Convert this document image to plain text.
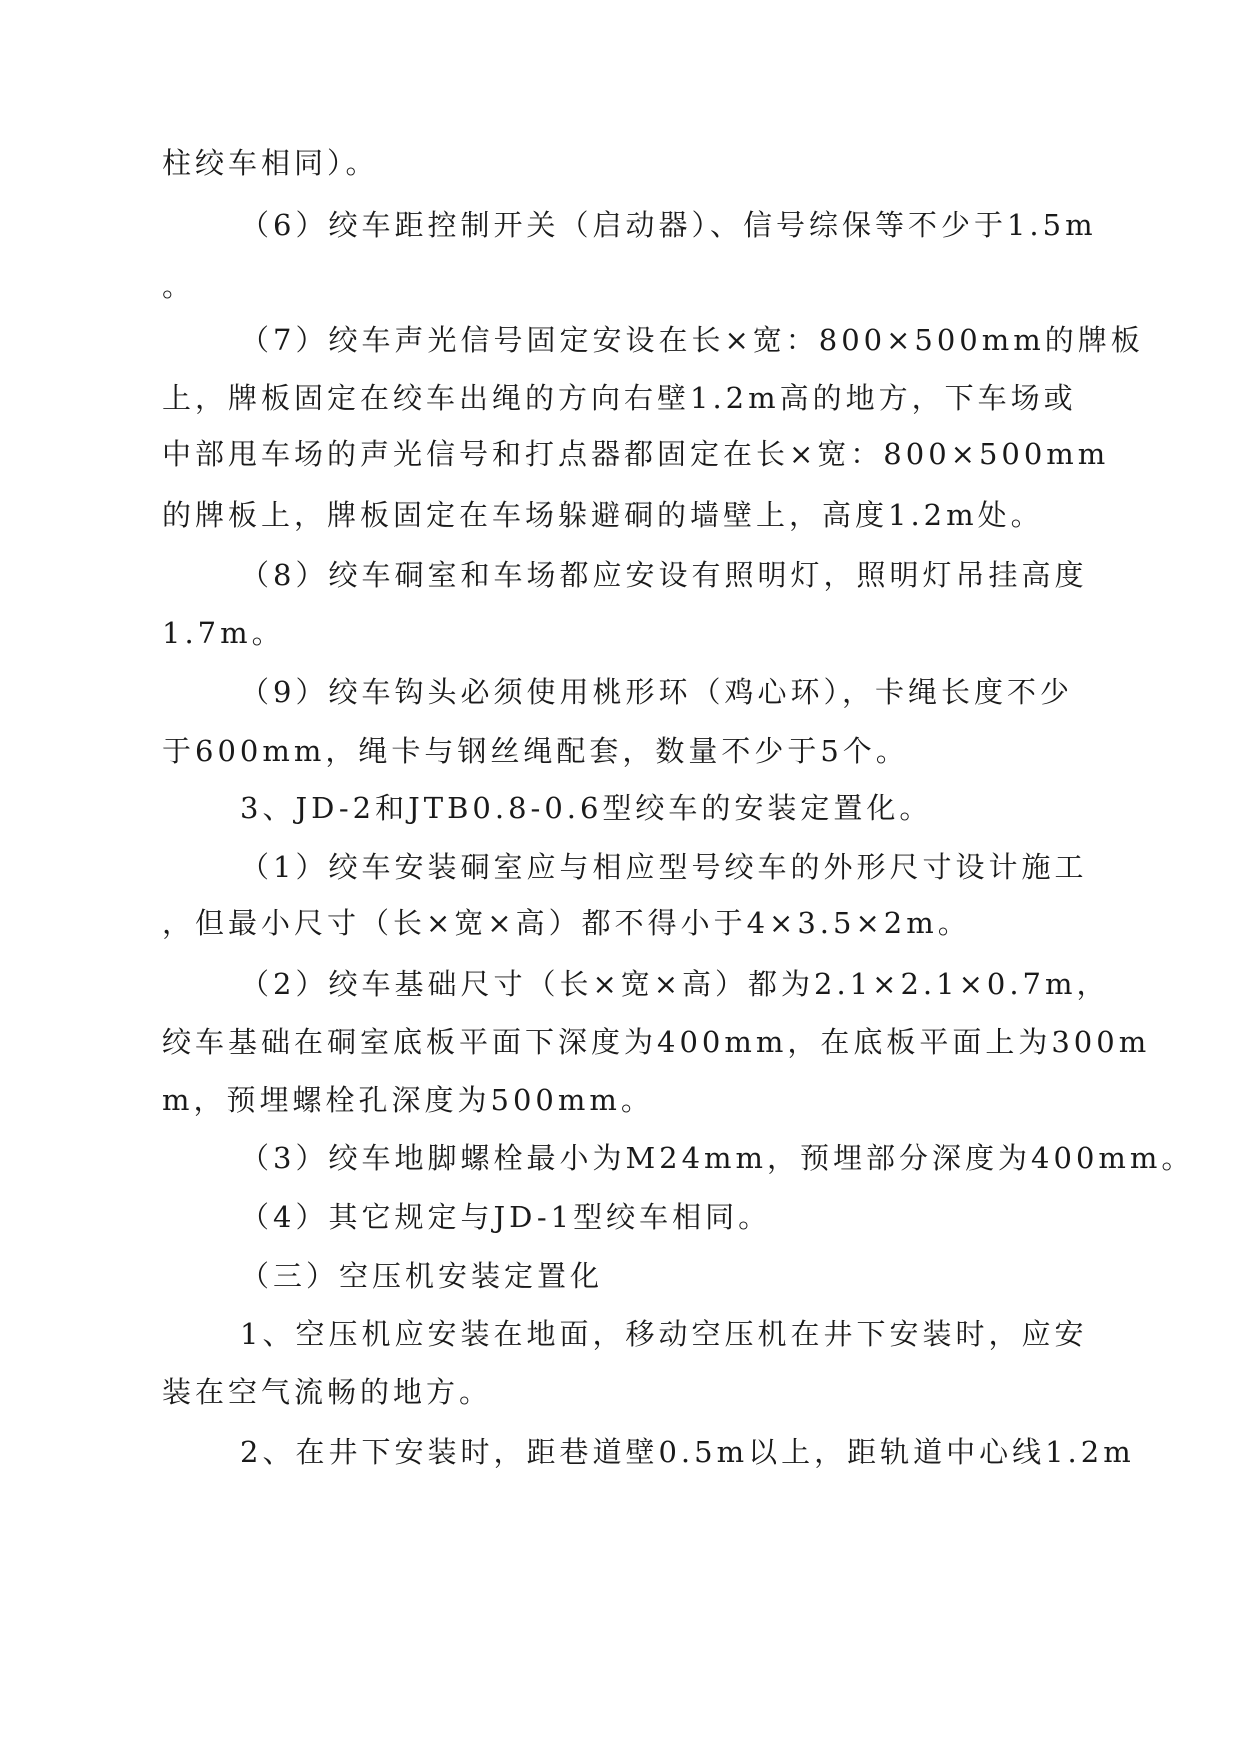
柱绞车相同）。
（6）绞车距控制开关（启动器）、信号综保等不少于1.5m
。
（7）绞车声光信号固定安设在长×宽：800×500mm的牌板
上，牌板固定在绞车出绳的方向右壁1.2m高的地方，下车场或
中部甩车场的声光信号和打点器都固定在长×宽：800×500mm
的牌板上，牌板固定在车场躲避硐的墙壁上，高度1.2m处。
（8）绞车硐室和车场都应安设有照明灯，照明灯吊挂高度
1.7m。
（9）绞车钩头必须使用桃形环（鸡心环），卡绳长度不少
于600mm，绳卡与钢丝绳配套，数量不少于5个。
3、JD-2和JTB0.8-0.6型绞车的安装定置化。
（1）绞车安装硐室应与相应型号绞车的外形尺寸设计施工
，但最小尺寸（长×宽×高）都不得小于4×3.5×2m。
（2）绞车基础尺寸（长×宽×高）都为2.1×2.1×0.7m，
绞车基础在硐室底板平面下深度为400mm，在底板平面上为300m
m，预埋螺栓孔深度为500mm。
（3）绞车地脚螺栓最小为M24mm，预埋部分深度为400mm。
（4）其它规定与JD-1型绞车相同。
（三）空压机安装定置化
1、空压机应安装在地面，移动空压机在井下安装时，应安
装在空气流畅的地方。
2、在井下安装时，距巷道壁0.5m以上，距轨道中心线1.2m
